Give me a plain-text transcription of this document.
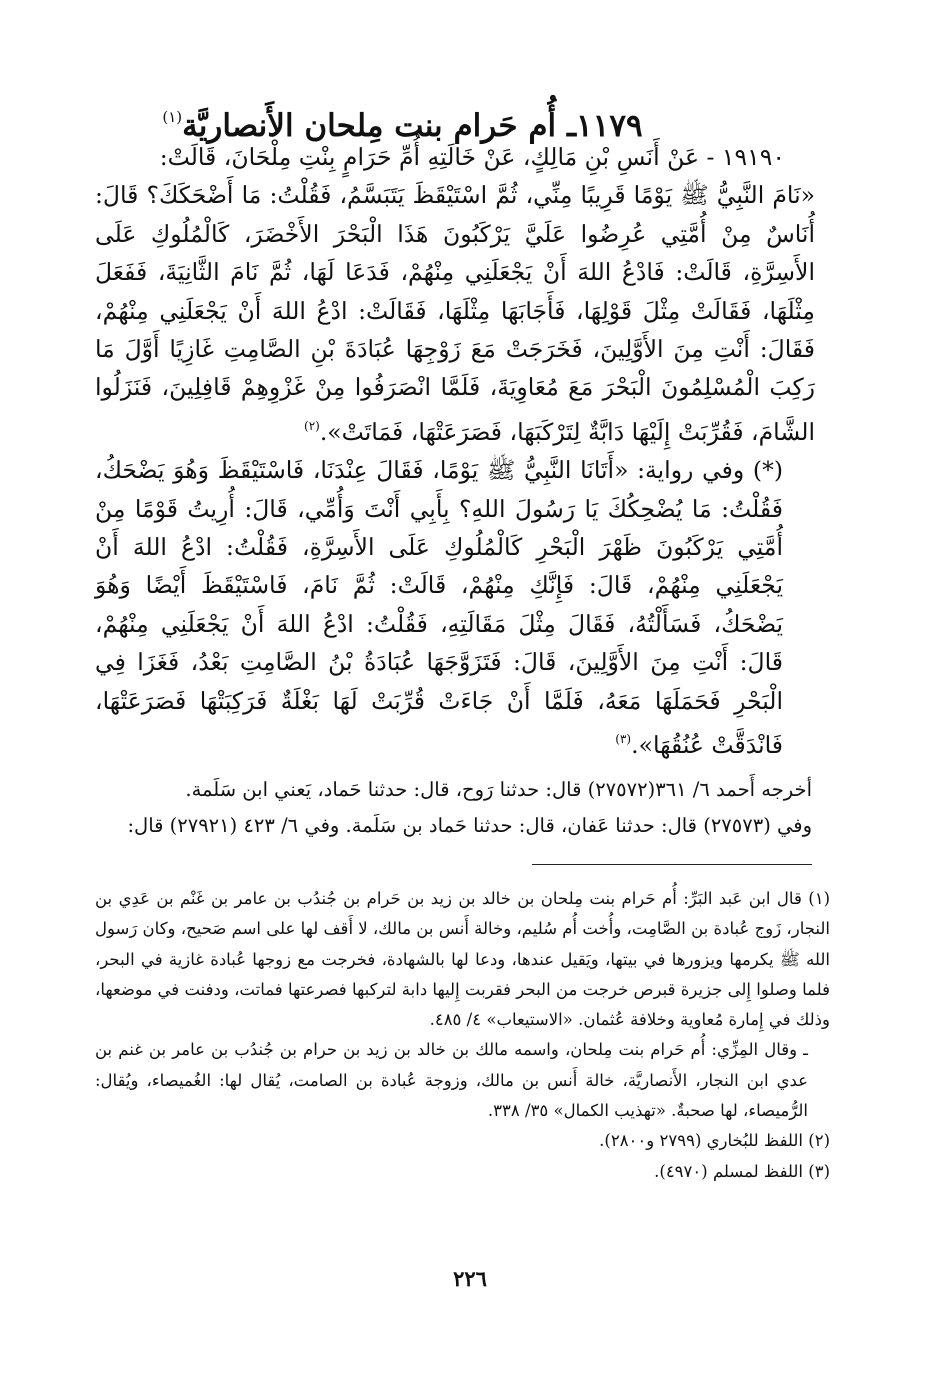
١١٧٩ـ أُم حَرام بنت مِلحان الأَنصاريَّة$^{(١)}$

١٩١٩٠ - عَنْ أَنَسِ بْنِ مَالِكٍ، عَنْ خَالَتِهِ أُمِّ حَرَامٍ بِنْتِ مِلْحَانَ، قَالَتْ:

«نَامَ النَّبِيُّ ﷺ يَوْمًا قَرِيبًا مِنِّي، ثُمَّ اسْتَيْقَظَ يَتَبَسَّمُ، فَقُلْتُ: مَا أَضْحَكَكَ؟ قَالَ: أُنَاسٌ مِنْ أُمَّتِي عُرِضُوا عَلَيَّ يَرْكَبُونَ هَذَا الْبَحْرَ الأَخْضَرَ، كَالْمُلُوكِ عَلَى الأَسِرَّةِ، قَالَتْ: فَادْعُ اللهَ أَنْ يَجْعَلَنِي مِنْهُمْ، فَدَعَا لَهَا، ثُمَّ نَامَ الثَّانِيَةَ، فَفَعَلَ مِثْلَهَا، فَقَالَتْ مِثْلَ قَوْلِهَا، فَأَجَابَهَا مِثْلَهَا، فَقَالَتْ: ادْعُ اللهَ أَنْ يَجْعَلَنِي مِنْهُمْ، فَقَالَ: أَنْتِ مِنَ الأَوَّلِينَ، فَخَرَجَتْ مَعَ زَوْجِهَا عُبَادَةَ بْنِ الصَّامِتِ غَازِيًا أَوَّلَ مَا رَكِبَ الْمُسْلِمُونَ الْبَحْرَ مَعَ مُعَاوِيَةَ، فَلَمَّا انْصَرَفُوا مِنْ غَزْوِهِمْ قَافِلِينَ، فَنَزَلُوا الشَّامَ، فَقُرِّبَتْ إِلَيْهَا دَابَّةٌ لِتَرْكَبَهَا، فَصَرَعَتْهَا، فَمَاتَتْ».$^{(٢)}$

(*) وفي رواية: «أَتَانَا النَّبِيُّ ﷺ يَوْمًا، فَقَالَ عِنْدَنَا، فَاسْتَيْقَظَ وَهُوَ يَضْحَكُ، فَقُلْتُ: مَا يُضْحِكُكَ يَا رَسُولَ اللهِ؟ بِأَبِي أَنْتَ وَأُمِّي، قَالَ: أُرِيتُ قَوْمًا مِنْ أُمَّتِي يَرْكَبُونَ ظَهْرَ الْبَحْرِ كَالْمُلُوكِ عَلَى الأَسِرَّةِ، فَقُلْتُ: ادْعُ اللهَ أَنْ يَجْعَلَنِي مِنْهُمْ، قَالَ: فَإِنَّكِ مِنْهُمْ، قَالَتْ: ثُمَّ نَامَ، فَاسْتَيْقَظَ أَيْضًا وَهُوَ يَضْحَكُ، فَسَأَلْتُهُ، فَقَالَ مِثْلَ مَقَالَتِهِ، فَقُلْتُ: ادْعُ اللهَ أَنْ يَجْعَلَنِي مِنْهُمْ، قَالَ: أَنْتِ مِنَ الأَوَّلِينَ، قَالَ: فَتَزَوَّجَهَا عُبَادَةُ بْنُ الصَّامِتِ بَعْدُ، فَغَزَا فِي الْبَحْرِ فَحَمَلَهَا مَعَهُ، فَلَمَّا أَنْ جَاءَتْ قُرِّبَتْ لَهَا بَغْلَةٌ فَرَكِبَتْهَا فَصَرَعَتْهَا، فَانْدَقَّتْ عُنُقُهَا».$^{(٣)}$

أخرجه أَحمد ٦/ ٣٦١(٢٧٥٧٢) قال: حدثنا رَوح، قال: حدثنا حَماد، يَعني ابن سَلَمة.

وفي (٢٧٥٧٣) قال: حدثنا عَفان، قال: حدثنا حَماد بن سَلَمة. وفي ٦/ ٤٢٣ (٢٧٩٢١) قال:

(١) قال ابن عَبد البَرِّ: أُم حَرام بنت مِلحان بن خالد بن زيد بن حَرام بن جُندُب بن عامر بن غَنْم بن عَدِي بن النجار، زَوج عُبادة بن الصَّامِت، وأُخت أُم سُليم، وخالة أَنس بن مالك، لا أَقف لها على اسم صَحيح، وكان رَسول الله ﷺ يكرمها ويزورها في بيتها، ويَقيل عندها، ودعا لها بالشهادة، فخرجت مع زوجها عُبادة غازية في البحر، فلما وصلوا إِلى جزيرة قبرص خرجت من البحر فقربت إِليها دابة لتركبها فصرعتها فماتت، ودفنت في موضعها، وذلك في إِمارة مُعاوية وخلافة عُثمان. «الاستيعاب» ٤/ ٤٨٥.

ـ وقال المِزِّي: أُم حَرام بنت مِلحان، واسمه مالك بن خالد بن زيد بن حرام بن جُندُب بن عامر بن غنم بن عدي ابن النجار، الأَنصاريَّة، خالة أَنس بن مالك، وزوجة عُبادة بن الصامت، يُقال لها: الغُميصاء، ويُقال: الرُّميصاء، لها صحبةٌ. «تهذيب الكمال» ٣٥/ ٣٣٨.

(٢) اللفظ للبُخاري (٢٧٩٩ و٢٨٠٠).

(٣) اللفظ لمسلم (٤٩٧٠).

٢٢٦
